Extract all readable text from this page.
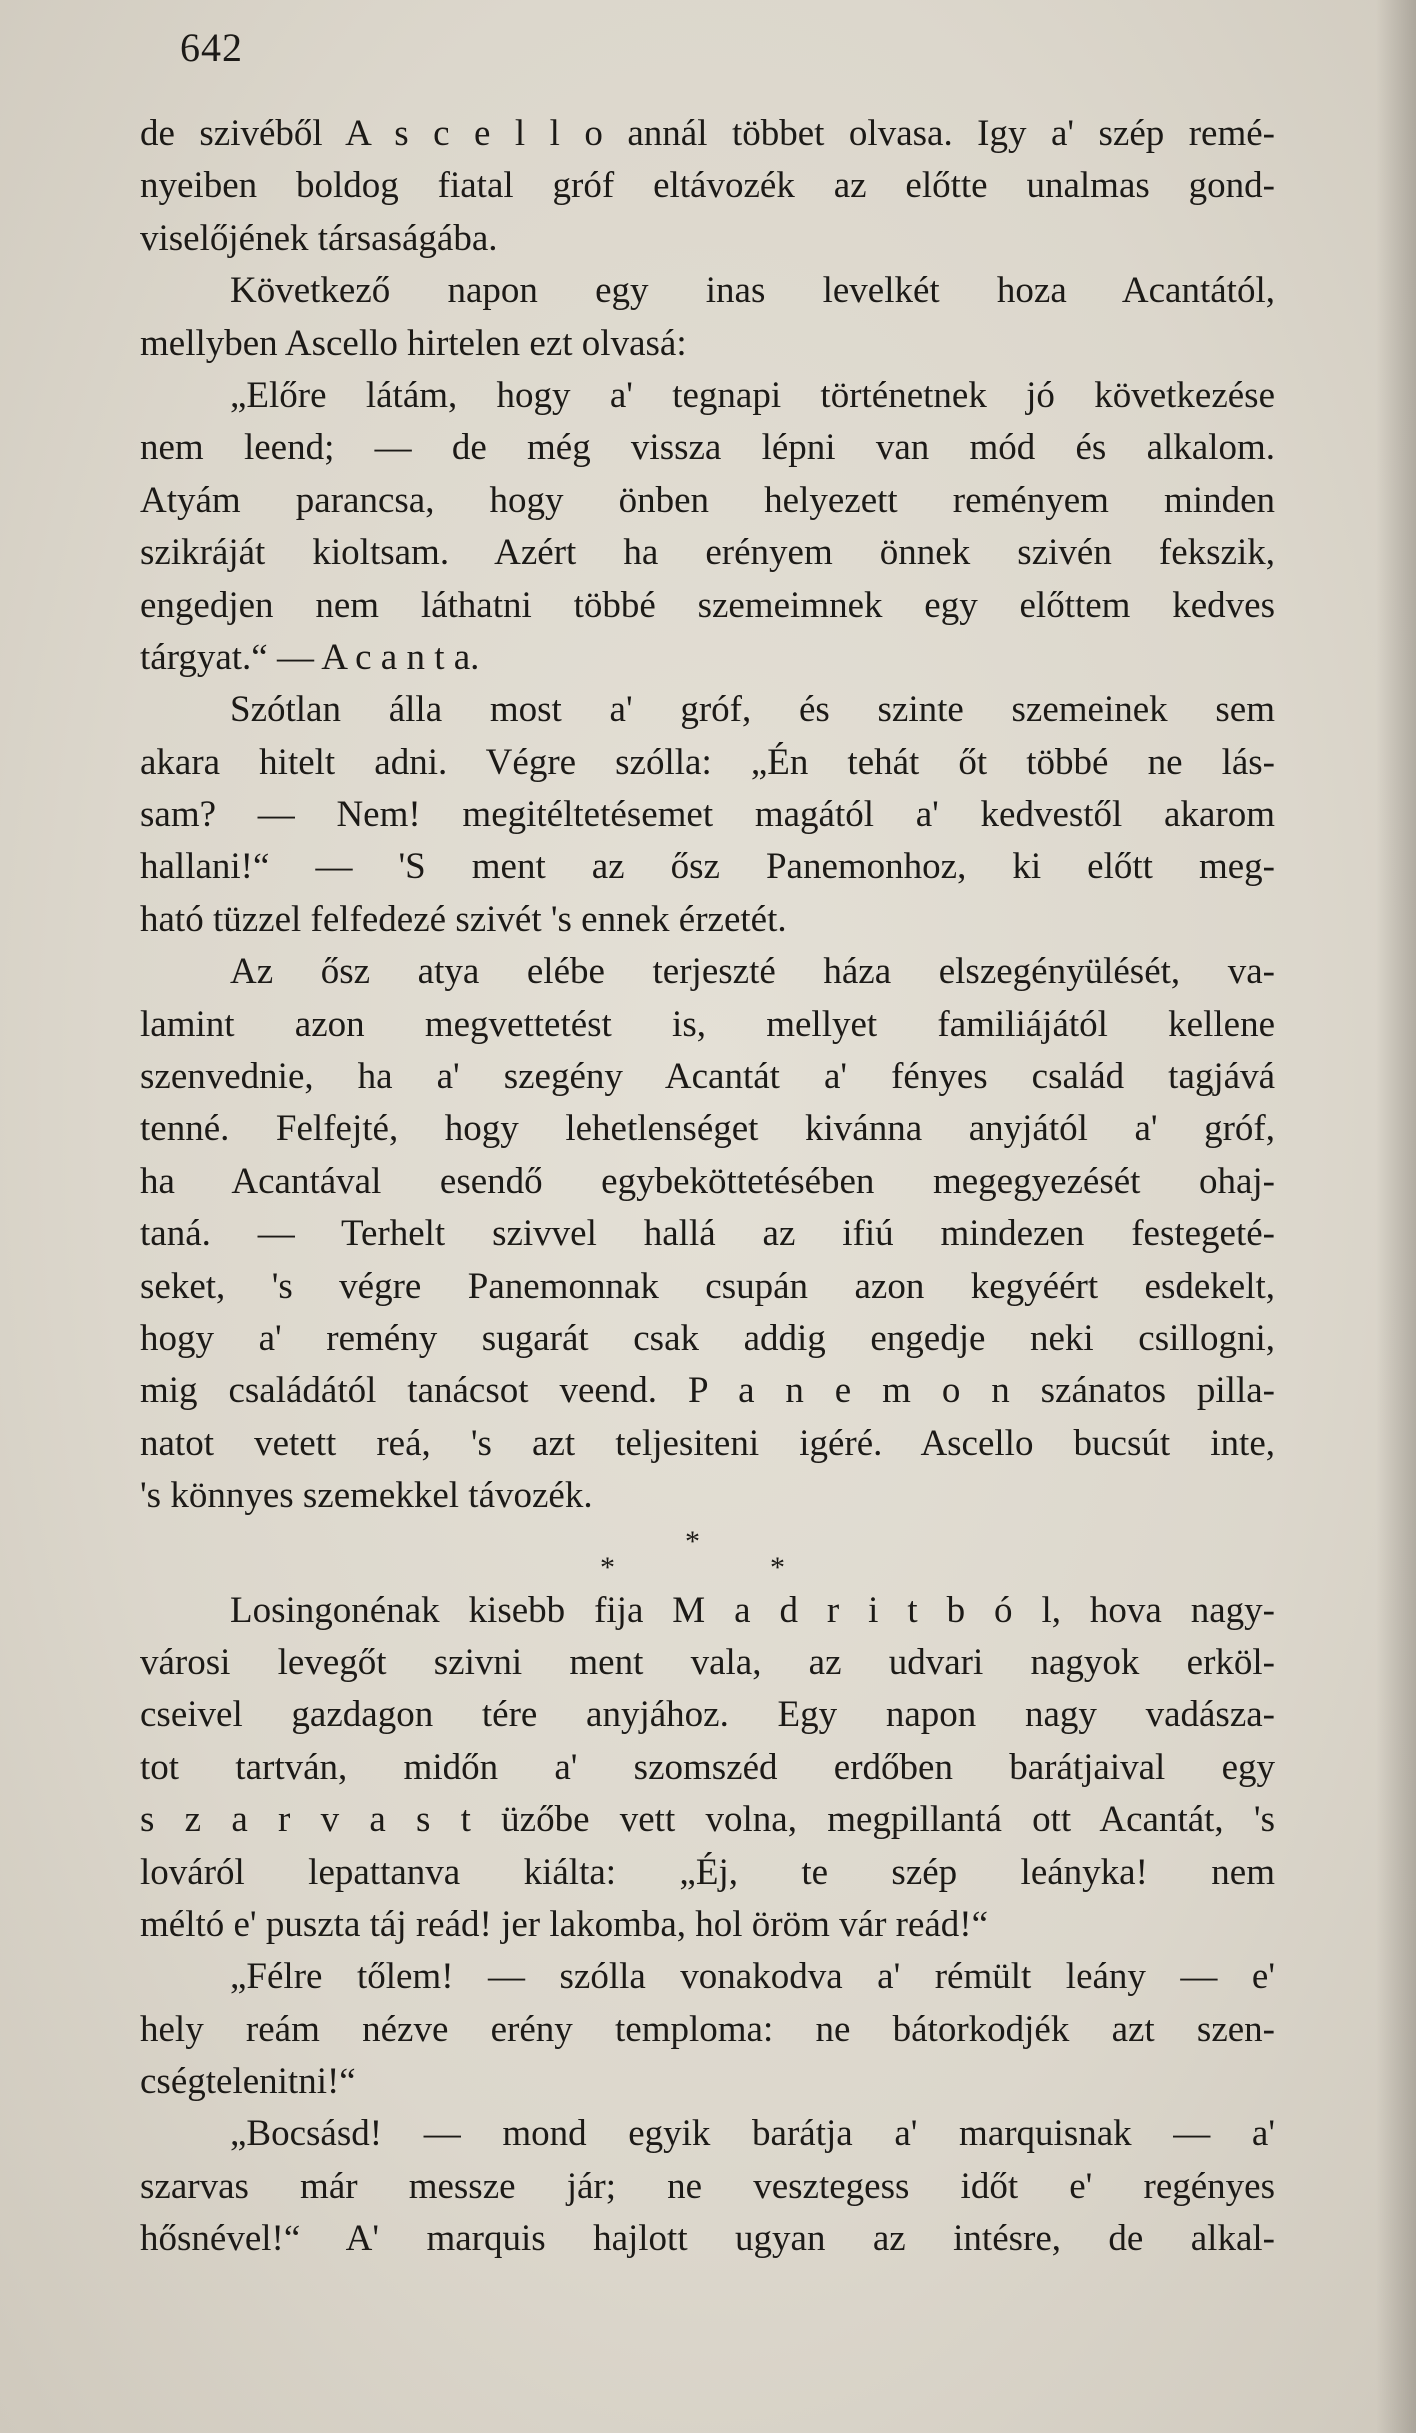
642
de szivéből A s c e l l o annál többet olvasa. Igy a' szép remé-
nyeiben boldog fiatal gróf eltávozék az előtte unalmas gond-
viselőjének társaságába.
Következő napon egy inas levelkét hoza Acantától,
mellyben Ascello hirtelen ezt olvasá:
„Előre látám, hogy a' tegnapi történetnek jó következése
nem leend; — de még vissza lépni van mód és alkalom.
Atyám parancsa, hogy önben helyezett reményem minden
szikráját kioltsam. Azért ha erényem önnek szivén fekszik,
engedjen nem láthatni többé szemeimnek egy előttem kedves
tárgyat.“ — A c a n t a.
Szótlan álla most a' gróf, és szinte szemeinek sem
akara hitelt adni. Végre szólla: „Én tehát őt többé ne lás-
sam? — Nem! megitéltetésemet magától a' kedvestől akarom
hallani!“ — 'S ment az ősz Panemonhoz, ki előtt meg-
ható tüzzel felfedezé szivét 's ennek érzetét.
Az ősz atya elébe terjeszté háza elszegényülését, va-
lamint azon megvettetést is, mellyet familiájától kellene
szenvednie, ha a' szegény Acantát a' fényes család tagjává
tenné. Felfejté, hogy lehetlenséget kivánna anyjától a' gróf,
ha Acantával esendő egybeköttetésében megegyezését ohaj-
taná. — Terhelt szivvel hallá az ifiú mindezen festegeté-
seket, 's végre Panemonnak csupán azon kegyéért esdekelt,
hogy a' remény sugarát csak addig engedje neki csillogni,
mig családától tanácsot veend. P a n e m o n szánatos pilla-
natot vetett reá, 's azt teljesiteni igéré. Ascello bucsút inte,
's könnyes szemekkel távozék.
*
*	*
Losingonénak kisebb fija M a d r i t b ó l, hova nagy-
városi levegőt szivni ment vala, az udvari nagyok erköl-
cseivel gazdagon tére anyjához. Egy napon nagy vadásza-
tot tartván, midőn a' szomszéd erdőben barátjaival egy
s z a r v a s t üzőbe vett volna, megpillantá ott Acantát, 's
lováról lepattanva kiálta: „Éj, te szép leányka! nem
méltó e' puszta táj reád! jer lakomba, hol öröm vár reád!“
„Félre tőlem! — szólla vonakodva a' rémült leány — e'
hely reám nézve erény temploma: ne bátorkodjék azt szen-
cségtelenitni!“
„Bocsásd! — mond egyik barátja a' marquisnak — a'
szarvas már messze jár; ne vesztegess időt e' regényes
hősnével!“ A' marquis hajlott ugyan az intésre, de alkal-
